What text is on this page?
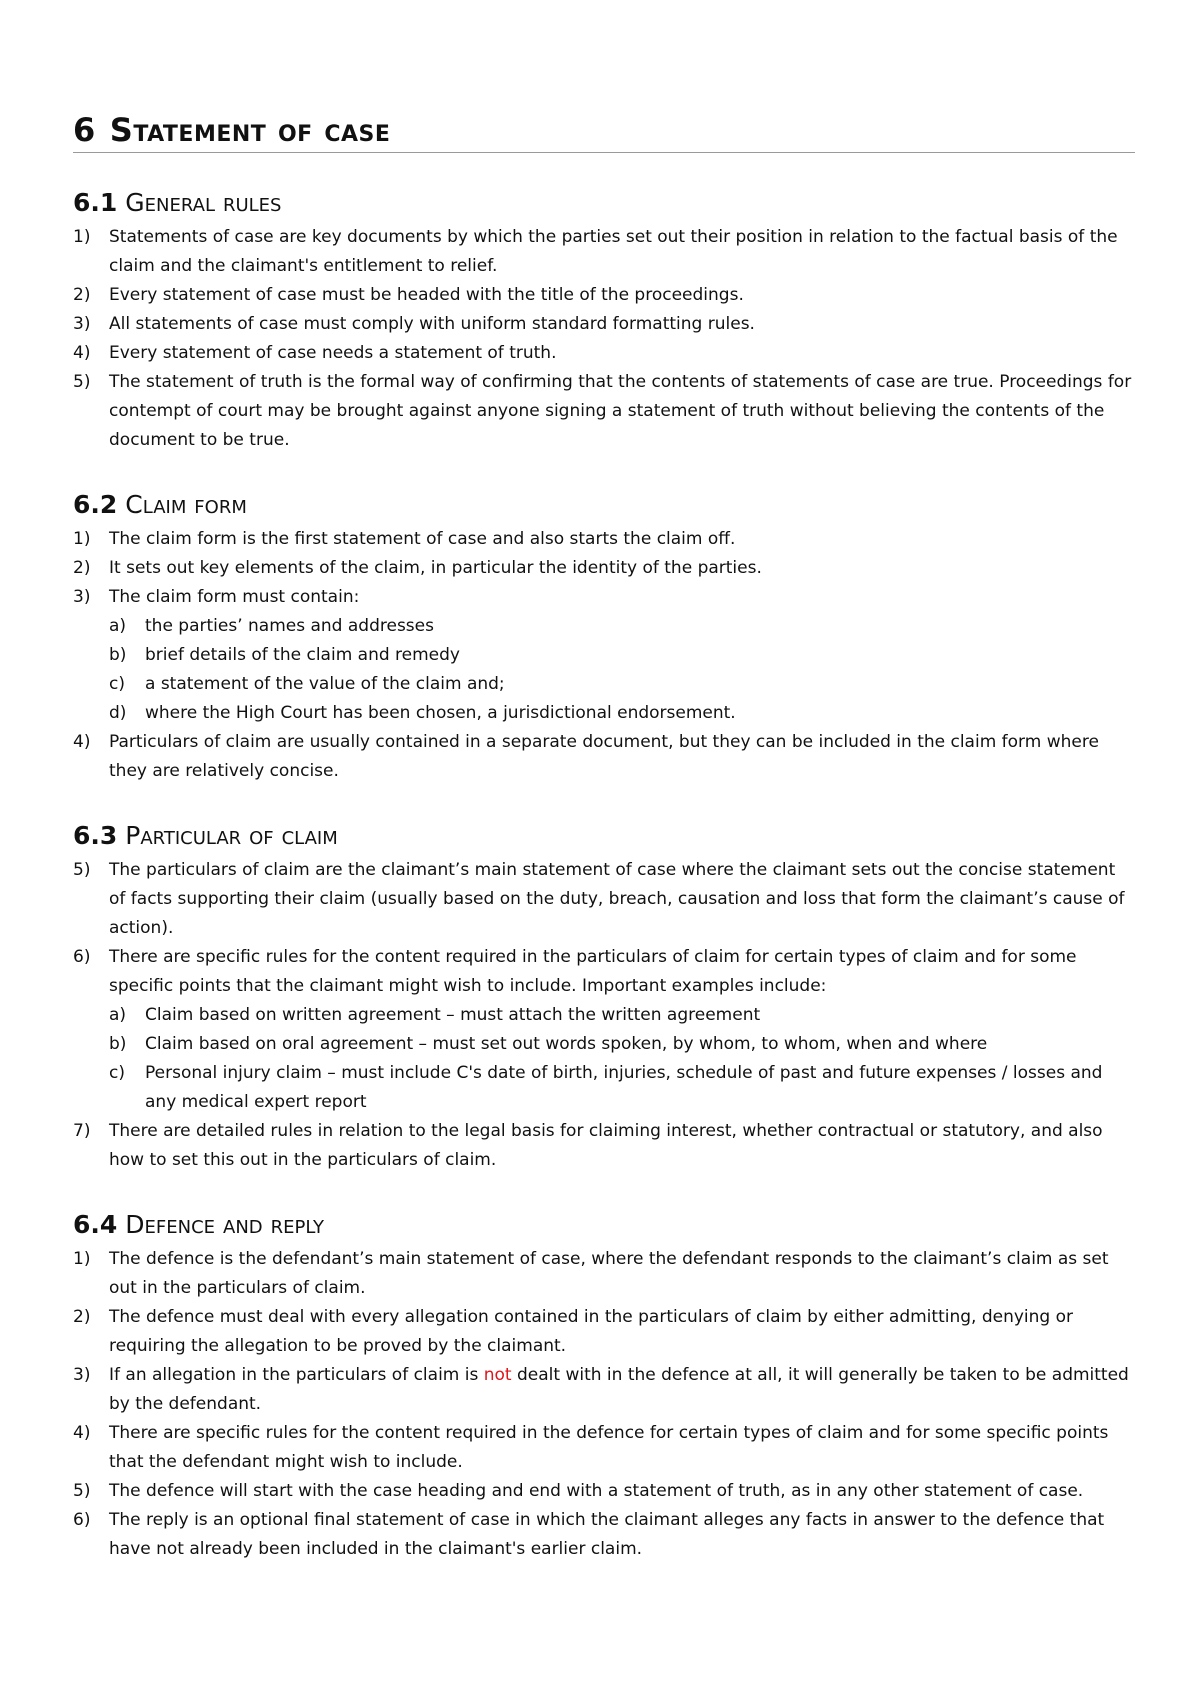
6 Statement of case
6.1 General rules
1)	Statements of case are key documents by which the parties set out their position in relation to the factual basis of the claim and the claimant's entitlement to relief.
2)	Every statement of case must be headed with the title of the proceedings.
3)	All statements of case must comply with uniform standard formatting rules.
4)	Every statement of case needs a statement of truth.
5)	The statement of truth is the formal way of confirming that the contents of statements of case are true. Proceedings for contempt of court may be brought against anyone signing a statement of truth without believing the contents of the document to be true.
6.2 Claim form
1)	The claim form is the first statement of case and also starts the claim off.
2)	It sets out key elements of the claim, in particular the identity of the parties.
3)	The claim form must contain:
a)	the parties’ names and addresses
b)	brief details of the claim and remedy
c)	a statement of the value of the claim and;
d)	where the High Court has been chosen, a jurisdictional endorsement.
4)	Particulars of claim are usually contained in a separate document, but they can be included in the claim form where they are relatively concise.
6.3 Particular of claim
5)	The particulars of claim are the claimant’s main statement of case where the claimant sets out the concise statement of facts supporting their claim (usually based on the duty, breach, causation and loss that form the claimant’s cause of action).
6)	There are specific rules for the content required in the particulars of claim for certain types of claim and for some specific points that the claimant might wish to include. Important examples include:
a)	Claim based on written agreement – must attach the written agreement
b)	Claim based on oral agreement – must set out words spoken, by whom, to whom, when and where
c)	Personal injury claim – must include C's date of birth, injuries, schedule of past and future expenses / losses and any medical expert report
7)	There are detailed rules in relation to the legal basis for claiming interest, whether contractual or statutory, and also how to set this out in the particulars of claim.
6.4 Defence and reply
1)	The defence is the defendant’s main statement of case, where the defendant responds to the claimant’s claim as set out in the particulars of claim.
2)	The defence must deal with every allegation contained in the particulars of claim by either admitting, denying or requiring the allegation to be proved by the claimant.
3)	If an allegation in the particulars of claim is not dealt with in the defence at all, it will generally be taken to be admitted by the defendant.
4)	There are specific rules for the content required in the defence for certain types of claim and for some specific points that the defendant might wish to include.
5)	The defence will start with the case heading and end with a statement of truth, as in any other statement of case.
6)	The reply is an optional final statement of case in which the claimant alleges any facts in answer to the defence that have not already been included in the claimant's earlier claim.
